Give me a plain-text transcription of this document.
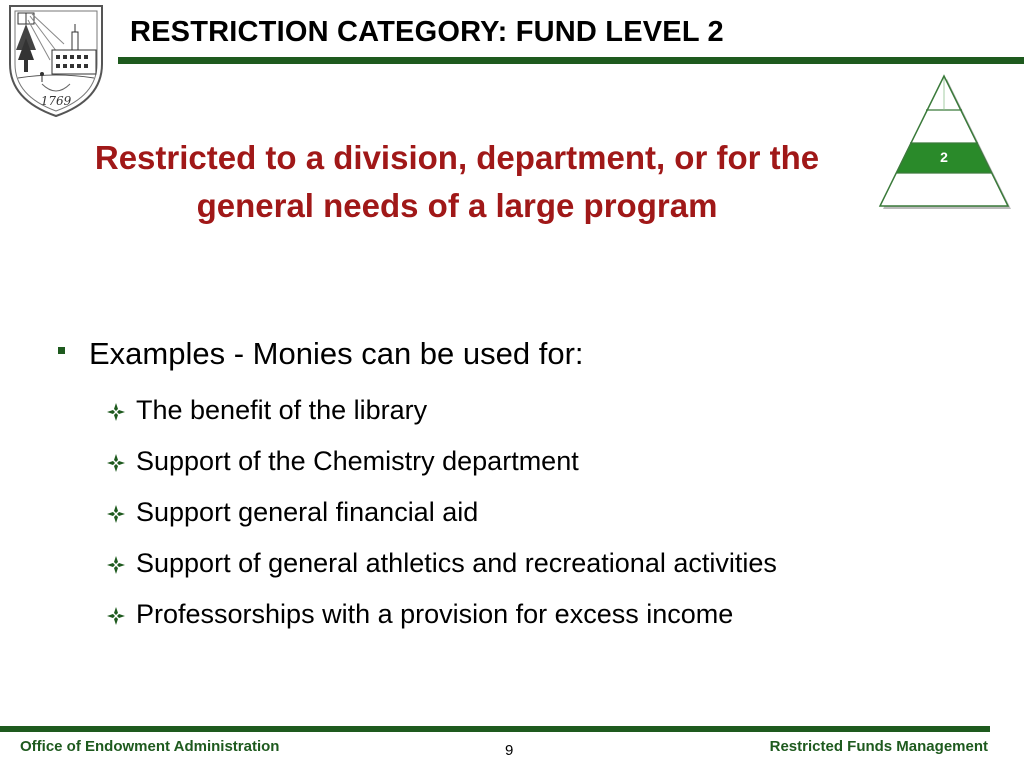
1769
RESTRICTION CATEGORY: FUND LEVEL 2

Restricted to a division, department, or for the general needs of a large program

2
Examples - Monies can be used for:
The benefit of the library
Support of the Chemistry department
Support general financial aid
Support of general athletics and recreational activities
Professorships with a provision for excess income
Office of Endowment Administration	9	Restricted Funds Management
